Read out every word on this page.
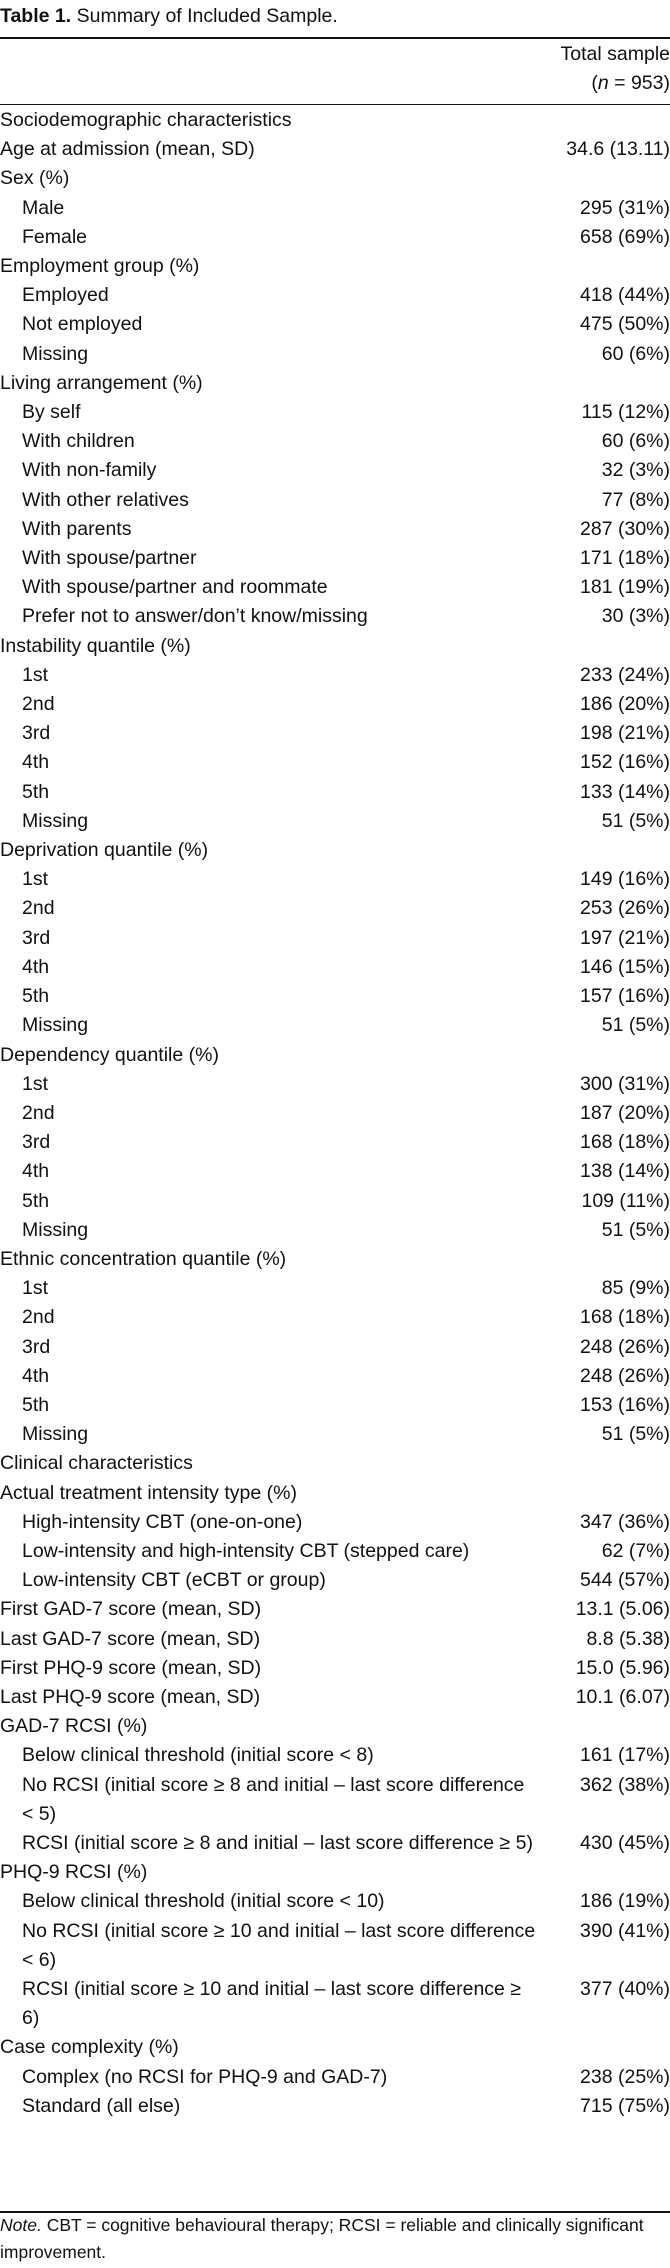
Table 1. Summary of Included Sample.
Total sample
(n = 953)
Sociodemographic characteristics
Age at admission (mean, SD)	34.6 (13.11)
Sex (%)
Male	295 (31%)
Female	658 (69%)
Employment group (%)
Employed	418 (44%)
Not employed	475 (50%)
Missing	60 (6%)
Living arrangement (%)
By self	115 (12%)
With children	60 (6%)
With non-family	32 (3%)
With other relatives	77 (8%)
With parents	287 (30%)
With spouse/partner	171 (18%)
With spouse/partner and roommate	181 (19%)
Prefer not to answer/don’t know/missing	30 (3%)
Instability quantile (%)
1st	233 (24%)
2nd	186 (20%)
3rd	198 (21%)
4th	152 (16%)
5th	133 (14%)
Missing	51 (5%)
Deprivation quantile (%)
1st	149 (16%)
2nd	253 (26%)
3rd	197 (21%)
4th	146 (15%)
5th	157 (16%)
Missing	51 (5%)
Dependency quantile (%)
1st	300 (31%)
2nd	187 (20%)
3rd	168 (18%)
4th	138 (14%)
5th	109 (11%)
Missing	51 (5%)
Ethnic concentration quantile (%)
1st	85 (9%)
2nd	168 (18%)
3rd	248 (26%)
4th	248 (26%)
5th	153 (16%)
Missing	51 (5%)
Clinical characteristics
Actual treatment intensity type (%)
High-intensity CBT (one-on-one)	347 (36%)
Low-intensity and high-intensity CBT (stepped care)	62 (7%)
Low-intensity CBT (eCBT or group)	544 (57%)
First GAD-7 score (mean, SD)	13.1 (5.06)
Last GAD-7 score (mean, SD)	8.8 (5.38)
First PHQ-9 score (mean, SD)	15.0 (5.96)
Last PHQ-9 score (mean, SD)	10.1 (6.07)
GAD-7 RCSI (%)
Below clinical threshold (initial score < 8)	161 (17%)
No RCSI (initial score ≥ 8 and initial – last score difference < 5)
362 (38%)
RCSI (initial score ≥ 8 and initial – last score difference ≥ 5)	430 (45%)
PHQ-9 RCSI (%)
Below clinical threshold (initial score < 10)	186 (19%)
No RCSI (initial score ≥ 10 and initial – last score difference < 6)
390 (41%)
RCSI (initial score ≥ 10 and initial – last score difference ≥ 6)
377 (40%)
Case complexity (%)
Complex (no RCSI for PHQ-9 and GAD-7)	238 (25%)
Standard (all else)	715 (75%)
Note. CBT = cognitive behavioural therapy; RCSI = reliable and clinically significant improvement.
